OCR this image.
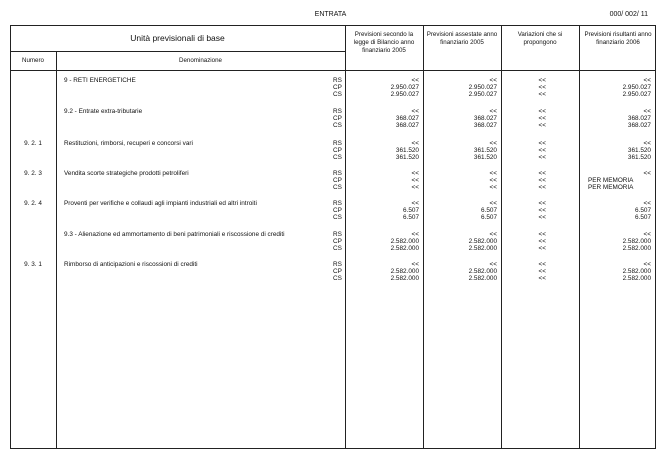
ENTRATA	000/ 002/ 11
Unità previsionali di base
Numero	Denominazione
Previsioni secondo la legge di Bilancio anno finanziario 2005
Previsioni assestate anno finanziario 2005
Variazioni che si propongono
Previsioni risultanti anno finanziario 2006
9 - RETI ENERGETICHE	RS	<<	<<	<<	<<
CP	2.950.027	2.950.027	<<	2.950.027
CS	2.950.027	2.950.027	<<	2.950.027
9.2 - Entrate extra-tributarie	RS	<<	<<	<<	<<
CP	368.027	368.027	<<	368.027
CS	368.027	368.027	<<	368.027
9. 2. 1	Restituzioni, rimborsi, recuperi e concorsi vari	RS	<<	<<	<<	<<
CP	361.520	361.520	<<	361.520
CS	361.520	361.520	<<	361.520
9. 2. 3	Vendita scorte strategiche prodotti petroliferi	RS	<<	<<	<<	<<
CP	<<	<<	<<	PER MEMORIA
CS	<<	<<	<<	PER MEMORIA
9. 2. 4	Proventi per verifiche e collaudi agli impianti industriali ed altri introiti	RS	<<	<<	<<	<<
CP	6.507	6.507	<<	6.507
CS	6.507	6.507	<<	6.507
9.3 - Alienazione ed ammortamento di beni patrimoniali e riscossione di crediti	RS	<<	<<	<<	<<
CP	2.582.000	2.582.000	<<	2.582.000
CS	2.582.000	2.582.000	<<	2.582.000
9. 3. 1	Rimborso di anticipazioni e riscossioni di crediti	RS	<<	<<	<<	<<
CP	2.582.000	2.582.000	<<	2.582.000
CS	2.582.000	2.582.000	<<	2.582.000
